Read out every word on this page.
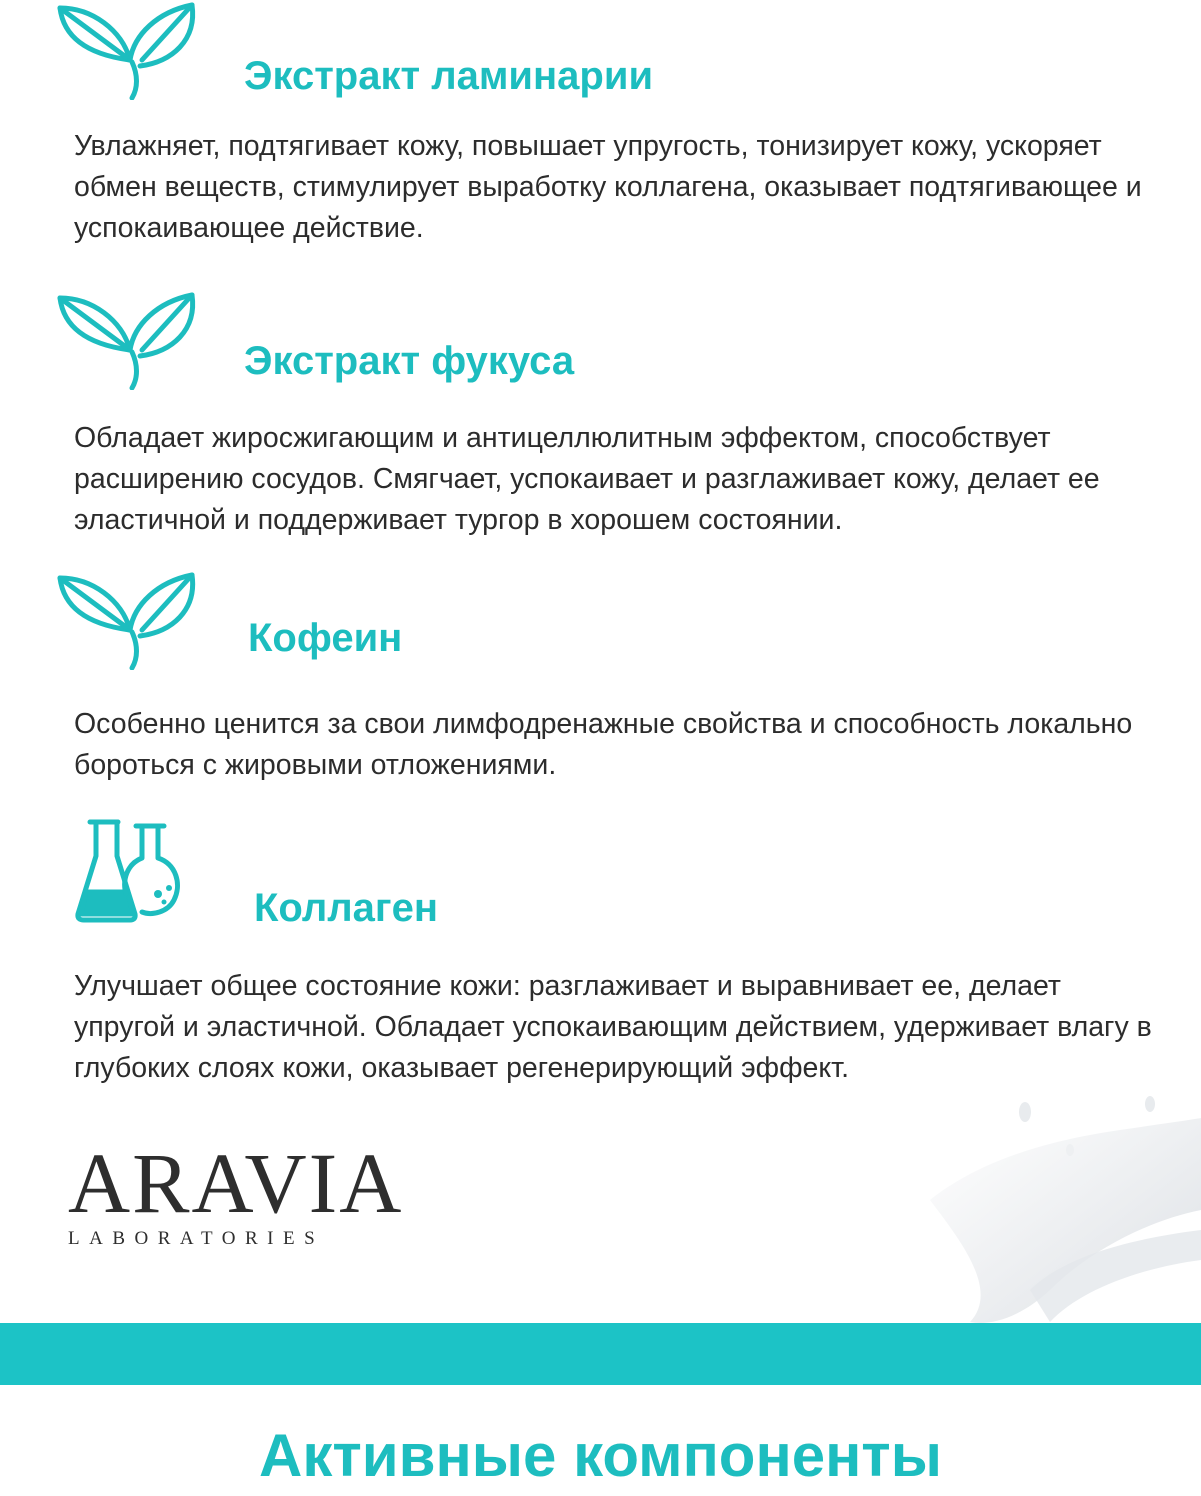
Экстракт ламинарии

Увлажняет, подтягивает кожу, повышает упругость, тонизирует кожу, ускоряет обмен веществ, стимулирует выработку коллагена, оказывает подтягивающее и успокаивающее действие.

Экстракт фукуса

Обладает жиросжигающим и антицеллюлитным эффектом, способствует расширению сосудов. Смягчает, успокаивает и разглаживает кожу, делает ее эластичной и поддерживает тургор в хорошем состоянии.

Кофеин

Особенно ценится за свои лимфодренажные свойства и способность локально бороться с жировыми отложениями.

Коллаген

Улучшает общее состояние кожи: разглаживает и выравнивает ее, делает упругой и эластичной. Обладает успокаивающим действием, удерживает влагу в глубоких слоях кожи, оказывает регенерирующий эффект.

ARAVIA
LABORATORIES
Активные компоненты
